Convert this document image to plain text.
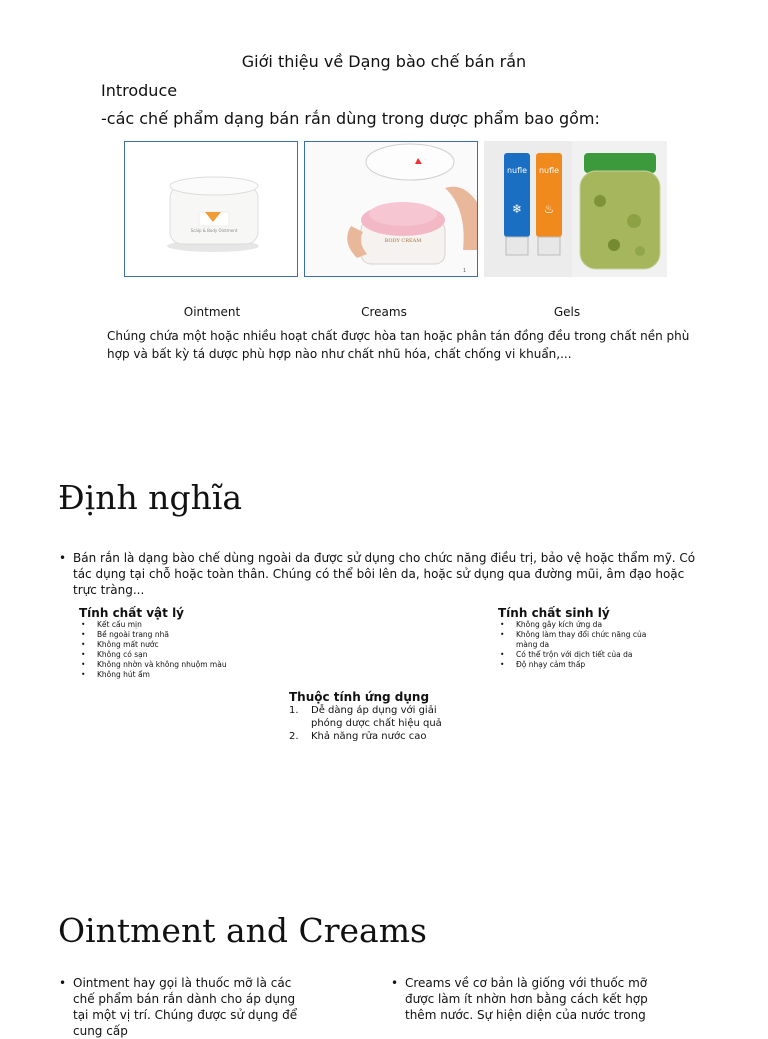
Giới thiệu về Dạng bào chế bán rắn
Introduce
-các chế phẩm dạng bán rắn dùng trong dược phẩm bao gồm:
Scalp & Body Ointment
BODY CREAM
1
nufle
❄
nufle
♨
Ointment	Creams	Gels
Chúng chứa một hoặc nhiều hoạt chất được hòa tan hoặc phân tán đồng đều trong chất nền phù hợp và bất kỳ tá dược phù hợp nào như chất nhũ hóa, chất chống vi khuẩn,...
Định nghĩa
• Bán rắn là dạng bào chế dùng ngoài da được sử dụng cho chức năng điều trị, bảo vệ hoặc thẩm mỹ. Có tác dụng tại chỗ hoặc toàn thân. Chúng có thể bôi lên da, hoặc sử dụng qua đường mũi, âm đạo hoặc trực tràng...
Tính chất vật lý
• Kết cấu mịn
• Bề ngoài trang nhã
• Không mất nước
• Không có sạn
• Không nhờn và không nhuộm màu
• Không hút ẩm
Tính chất sinh lý
• Không gây kích ứng da
• Không làm thay đổi chức năng của màng da
• Có thể trộn với dịch tiết của da
• Độ nhạy cảm thấp
Thuộc tính ứng dụng
1. Dễ dàng áp dụng với giải phóng dược chất hiệu quả
2. Khả năng rửa nước cao
Ointment and Creams
• Ointment hay gọi là thuốc mỡ là các chế phẩm bán rắn dành cho áp dụng tại một vị trí. Chúng được sử dụng để cung cấp
• Creams về cơ bản là giống với thuốc mỡ được làm ít nhờn hơn bằng cách kết hợp thêm nước. Sự hiện diện của nước trong
